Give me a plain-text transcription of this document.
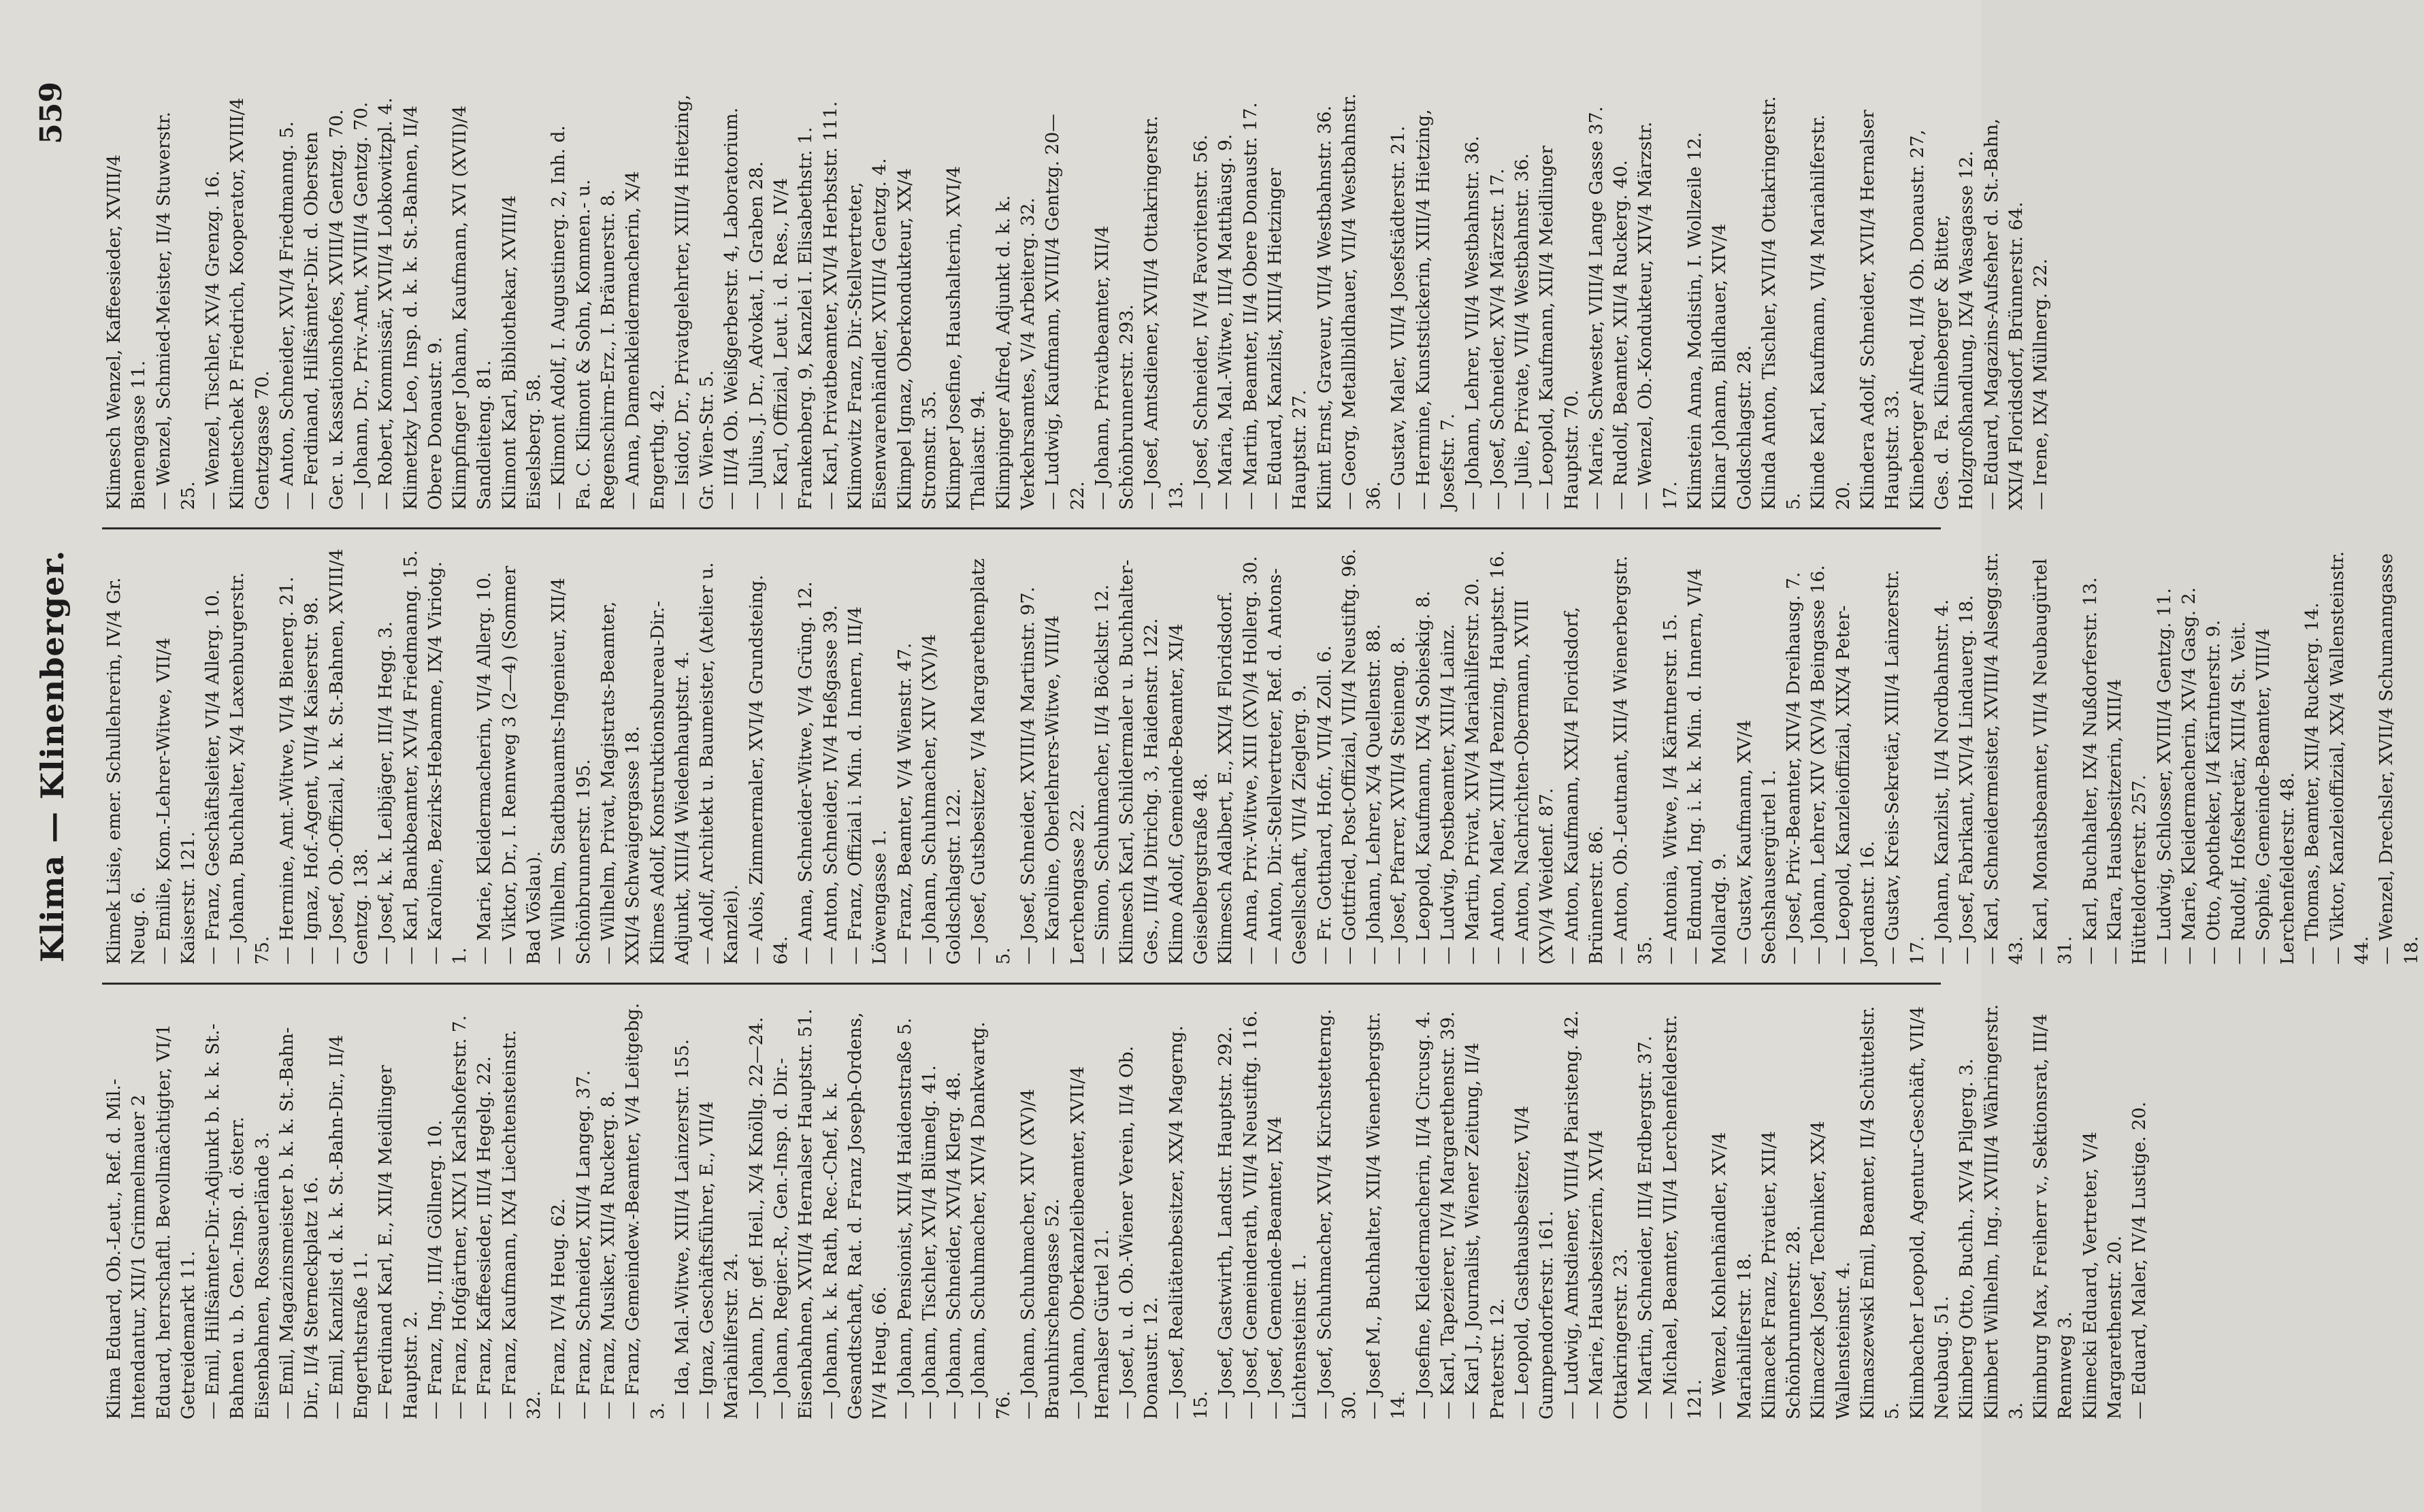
Klima — Klinenberger.
559

Klima Eduard, Ob.-Leut., Ref. d. Mil.-Intendantur, XII/1 Grimmelmauer 2 Eduard, herrschaftl. Bevollmächtigter, VI/1 Getreidemarkt 11. — Emil, Hilfsämter-Dir.-Adjunkt b. k. k. St.-Bahnen u. b. Gen.-Insp. d. österr. Eisenbahnen, Rossauerlände 3. — Emil, Magazinsmeister b. k. k. St.-Bahn-Dir., II/4 Sterneckplatz 16. — Emil, Kanzlist d. k. k. St.-Bahn-Dir., II/4 Engerthstraße 11. — Ferdinand Karl, E., XII/4 Meidlinger Hauptstr. 2. — Franz, Ing., III/4 Göllnerg. 10. — Franz, Hofgärtner, XIX/1 Karlshoferstr. 7. — Franz, Kaffeesieder, III/4 Hegelg. 22. — Franz, Kaufmann, IX/4 Liechtensteinstr. 32. — Franz, IV/4 Heug. 62. — Franz, Schneider, XII/4 Langeg. 37. — Franz, Musiker, XII/4 Ruckerg. 8. — Franz, Gemeindew.-Beamter, V/4 Leitgebg. 3. — Ida, Mal.-Witwe, XIII/4 Lainzerstr. 155. — Ignaz, Geschäftsführer, E., VII/4 Mariahilferstr. 24. — Johann, Dr. gef. Heil., X/4 Knöllg. 22—24. — Johann, Regier.-R., Gen.-Insp. d. Dir.-Eisenbahnen, XVII/4 Hernalser Hauptstr. 51. — Johann, k. k. Rath, Rec.-Chef, k. k. Gesandtschaft, Rat. d. Franz Joseph-Ordens, IV/4 Heug. 66. — Johann, Pensionist, XII/4 Haidenstraße 5. — Johann, Tischler, XVI/4 Blümelg. 41. — Johann, Schneider, XVI/4 Klerg. 48. — Johann, Schuhmacher, XIV/4 Dankwartg. 76. — Johann, Schuhmacher, XIV (XV)/4 Braunhirschengasse 52. — Johann, Oberkanzleibeamter, XVII/4 Hernalser Gürtel 21. — Josef, u. d. Ob.-Wiener Verein, II/4 Ob. Donaustr. 12. — Josef, Realitätenbesitzer, XX/4 Magerng. 15. — Josef, Gastwirth, Landstr. Hauptstr. 292. — Josef, Gemeinderath, VII/4 Neustiftg. 116. — Josef, Gemeinde-Beamter, IX/4 Lichtensteinstr. 1. — Josef, Schuhmacher, XVI/4 Kirchstetterng. 30. — Josef M., Buchhalter, XII/4 Wienerbergstr. 14. — Josefine, Kleidermacherin, II/4 Circusg. 4. — Karl, Tapezierer, IV/4 Margarethenstr. 39. — Karl J., Journalist, Wiener Zeitung, II/4 Praterstr. 12. — Leopold, Gasthausbesitzer, VI/4 Gumpendorferstr. 161. — Ludwig, Amtsdiener, VIII/4 Piaristeng. 42. — Marie, Hausbesitzerin, XVI/4 Ottakringerstr. 23. — Martin, Schneider, III/4 Erdbergstr. 37. — Michael, Beamter, VII/4 Lerchenfelderstr. 121. — Wenzel, Kohlenhändler, XV/4 Mariahilferstr. 18. Klimacek Franz, Privatier, XII/4 Schönbrunnerstr. 28. Klimaczek Josef, Techniker, XX/4 Wallensteinstr. 4. Klimaszewski Emil, Beamter, II/4 Schüttelstr. 5. Klimbacher Leopold, Agentur-Geschäft, VII/4 Neubaug. 51. Klimberg Otto, Buchh., XV/4 Pilgerg. 3. Klimbert Wilhelm, Ing., XVIII/4 Währingerstr. 3. Klimburg Max, Freiherr v., Sektionsrat, III/4 Rennweg 3. Klimecki Eduard, Vertreter, V/4 Margarethenstr. 20. — Eduard, Maler, IV/4 Lustige. 20.

Klimek Lisie, emer. Schullehrerin, IV/4 Gr. Neug. 6. — Emilie, Kom.-Lehrer-Witwe, VII/4 Kaiserstr. 121. — Franz, Geschäftsleiter, VI/4 Allerg. 10. — Johann, Buchhalter, X/4 Laxenburgerstr. 75. — Hermine, Amt.-Witwe, VI/4 Bienerg. 21. — Ignaz, Hof.-Agent, VII/4 Kaiserstr. 98. — Josef, Ob.-Offizial, k. k. St.-Bahnen, XVIII/4 Gentzg. 138. — Josef, k. k. Leibjäger, III/4 Hegg. 3. — Karl, Bankbeamter, XVI/4 Friedmanng. 15. — Karoline, Bezirks-Hebamme, IX/4 Viriotg. 1. — Marie, Kleidermacherin, VI/4 Allerg. 10. — Viktor, Dr., I. Rennweg 3 (2—4) (Sommer Bad Vöslau). — Wilhelm, Stadtbauamts-Ingenieur, XII/4 Schönbrunnerstr. 195. — Wilhelm, Privat, Magistrats-Beamter, XXI/4 Schwaigergasse 18. Klimes Adolf, Konstruktionsbureau-Dir.-Adjunkt, XIII/4 Wiedenhauptstr. 4. — Adolf, Architekt u. Baumeister, (Atelier u. Kanzlei). — Alois, Zimmermaler, XVI/4 Grundsteing. 64. — Anna, Schneider-Witwe, V/4 Grüng. 12. — Anton, Schneider, IV/4 Heßgasse 39. — Franz, Offizial i. Min. d. Innern, III/4 Löwengasse 1. — Franz, Beamter, V/4 Wienstr. 47. — Johann, Schuhmacher, XIV (XV)/4 Goldschlagstr. 122. — Josef, Gutsbesitzer, V/4 Margarethenplatz 5. — Josef, Schneider, XVIII/4 Martinstr. 97. — Karoline, Oberlehrers-Witwe, VIII/4 Lerchengasse 22. — Simon, Schuhmacher, II/4 Böcklstr. 12. Klimesch Karl, Schildermaler u. Buchhalter-Ges., III/4 Ditrichg. 3, Haidenstr. 122. Klimo Adolf, Gemeinde-Beamter, XI/4 Geiselbergstraße 48. Klimesch Adalbert, E., XXI/4 Floridsdorf. — Anna, Priv.-Witwe, XIII (XV)/4 Hollerg. 30. — Anton, Dir.-Stellvertreter, Ref. d. Antons-Gesellschaft, VII/4 Zieglerg. 9. — Fr. Gotthard, Hofr., VII/4 Zoll. 6. — Gottfried, Post-Offizial, VII/4 Neustiftg. 96. — Johann, Lehrer, X/4 Quellenstr. 88. — Josef, Pfarrer, XVII/4 Steineng. 8. — Leopold, Kaufmann, IX/4 Sobieskig. 8. — Ludwig, Postbeamter, XIII/4 Lainz. — Martin, Privat, XIV/4 Mariahilferstr. 20. — Anton, Maler, XIII/4 Penzing, Hauptstr. 16. — Anton, Nachrichten-Obermann, XVIII (XV)/4 Weidenf. 87. — Anton, Kaufmann, XXI/4 Floridsdorf, Brünnerstr. 86. — Anton, Ob.-Leutnant, XII/4 Wienerbergstr. 35. — Antonia, Witwe, I/4 Kärntnerstr. 15. — Edmund, Ing. i. k. k. Min. d. Innern, VI/4 Mollardg. 9. — Gustav, Kaufmann, XV/4 Sechshausergürtel 1. — Josef, Priv.-Beamter, XIV/4 Dreihausg. 7. — Johann, Lehrer, XIV (XV)/4 Beingasse 16. — Leopold, Kanzleioffizial, XIX/4 Peter-Jordanstr. 16. — Gustav, Kreis-Sekretär, XIII/4 Lainzerstr. 17. — Johann, Kanzlist, II/4 Nordbahnstr. 4. — Josef, Fabrikant, XVI/4 Lindauerg. 18. — Karl, Schneidermeister, XVIII/4 Alsegg.str. 43. — Karl, Monatsbeamter, VII/4 Neubaugürtel 31. — Karl, Buchhalter, IX/4 Nußdorferstr. 13. — Klara, Hausbesitzerin, XIII/4 Hütteldorferstr. 257. — Ludwig, Schlosser, XVIII/4 Gentzg. 11. — Marie, Kleidermacherin, XV/4 Gasg. 2. — Otto, Apotheker, I/4 Kärntnerstr. 9. — Rudolf, Hofsekretär, XIII/4 St. Veit. — Sophie, Gemeinde-Beamter, VIII/4 Lerchenfelderstr. 48. — Thomas, Beamter, XII/4 Ruckerg. 14. — Viktor, Kanzleioffizial, XX/4 Wallensteinstr. 44. — Wenzel, Drechsler, XVII/4 Schumanngasse 18.

Klimesch Wenzel, Kaffeesieder, XVIII/4 Bienengasse 11. — Wenzel, Schmied-Meister, II/4 Stuwerstr. 25. — Wenzel, Tischler, XV/4 Grenzg. 16. Klimetschek P. Friedrich, Kooperator, XVIII/4 Gentzgasse 70. — Anton, Schneider, XVI/4 Friedmanng. 5. — Ferdinand, Hilfsämter-Dir. d. Obersten Ger. u. Kassationshofes, XVIII/4 Gentzg. 70. — Johann, Dr., Priv.-Amt, XVIII/4 Gentzg. 70. — Robert, Kommissär, XVII/4 Lobkowitzpl. 4. Klimetzky Leo, Insp. d. k. k. St.-Bahnen, II/4 Obere Donaustr. 9. Klimpfinger Johann, Kaufmann, XVI (XVII)/4 Sandleiteng. 81. Klimont Karl, Bibliothekar, XVIII/4 Eiselsberg. 58. — Klimont Adolf, I. Augustinerg. 2, Inh. d. Fa. C. Klimont & Sohn, Kommen.- u. Regenschirm-Erz., I. Bräunerstr. 8. — Anna, Damenkleidermacherin, X/4 Engerthg. 42. — Isidor, Dr., Privatgelehrter, XIII/4 Hietzing, Gr. Wien-Str. 5. — III/4 Ob. Weißgerberstr. 4, Laboratorium. — Julius, J. Dr., Advokat, I. Graben 28. — Karl, Offizial, Leut. i. d. Res., IV/4 Frankenberg. 9, Kanzlei I. Elisabethstr. 1. — Karl, Privatbeamter, XVI/4 Herbststr. 111. Klimowitz Franz, Dir.-Stellvertreter, Eisenwarenhändler, XVIII/4 Gentzg. 4. Klimpel Ignaz, Oberkondukteur, XX/4 Stromstr. 35. Klimper Josefine, Haushalterin, XVI/4 Thaliastr. 94. Klimpinger Alfred, Adjunkt d. k. k. Verkehrsamtes, V/4 Arbeiterg. 32. — Ludwig, Kaufmann, XVIII/4 Gentzg. 20—22. — Johann, Privatbeamter, XII/4 Schönbrunnerstr. 293. — Josef, Amtsdiener, XVII/4 Ottakringerstr. 13. — Josef, Schneider, IV/4 Favoritenstr. 56. — Maria, Mal.-Witwe, III/4 Matthäusg. 9. — Martin, Beamter, II/4 Obere Donaustr. 17. — Eduard, Kanzlist, XIII/4 Hietzinger Hauptstr. 27. Klimt Ernst, Graveur, VII/4 Westbahnstr. 36. — Georg, Metallbildhauer, VII/4 Westbahnstr. 36. — Gustav, Maler, VII/4 Josefstädterstr. 21. — Hermine, Kunststickerin, XIII/4 Hietzing, Josefstr. 7. — Johann, Lehrer, VII/4 Westbahnstr. 36. — Josef, Schneider, XV/4 Märzstr. 17. — Julie, Private, VII/4 Westbahnstr. 36. — Leopold, Kaufmann, XII/4 Meidlinger Hauptstr. 70. — Marie, Schwester, VIII/4 Lange Gasse 37. — Rudolf, Beamter, XII/4 Ruckerg. 40. — Wenzel, Ob.-Kondukteur, XIV/4 Märzstr. 17. Klimstein Anna, Modistin, I. Wollzeile 12. Klinar Johann, Bildhauer, XIV/4 Goldschlagstr. 28. Klinda Anton, Tischler, XVII/4 Ottakringerstr. 5. Klinde Karl, Kaufmann, VI/4 Mariahilferstr. 20. Klindera Adolf, Schneider, XVII/4 Hernalser Hauptstr. 33. Klineberger Alfred, II/4 Ob. Donaustr. 27, Ges. d. Fa. Klineberger & Bitter, Holzgroßhandlung, IX/4 Wasagasse 12. — Eduard, Magazins-Aufseher d. St.-Bahn, XXI/4 Floridsdorf, Brünnerstr. 64. — Irene, IX/4 Müllnerg. 22.
